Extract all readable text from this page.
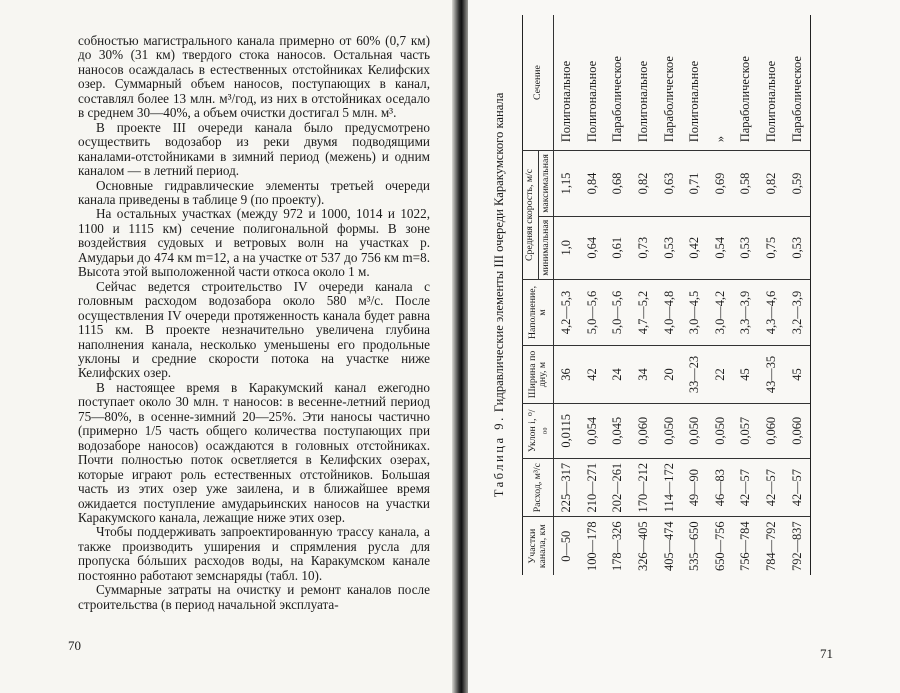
собностью магистрального канала примерно от 60% (0,7 км) до 30% (31 км) твердого стока наносов. Остальная часть наносов осаждалась в естественных отстойниках Келифских озер. Суммарный объем наносов, поступающих в канал, составлял более 13 млн. м³/год, из них в отстойниках оседало в среднем 30—40%, а объем очистки достигал 5 млн. м³.

В проекте III очереди канала было предусмотрено осуществить водозабор из реки двумя подводящими каналами-отстойниками в зимний период (межень) и одним каналом — в летний период.

Основные гидравлические элементы третьей очереди канала приведены в таблице 9 (по проекту).

На остальных участках (между 972 и 1000, 1014 и 1022, 1100 и 1115 км) сечение полигональной формы. В зоне воздействия судовых и ветровых волн на участках р. Амударьи до 474 км m=12, а на участке от 537 до 756 км m=8. Высота этой выположенной части откоса около 1 м.

Сейчас ведется строительство IV очереди канала с головным расходом водозабора около 580 м³/с. После осуществления IV очереди протяженность канала будет равна 1115 км. В проекте незначительно увеличена глубина наполнения канала, несколько уменьшены его продольные уклоны и средние скорости потока на участке ниже Келифских озер.

В настоящее время в Каракумский канал ежегодно поступает около 30 млн. т наносов: в весенне-летний период 75—80%, в осенне-зимний 20—25%. Эти наносы частично (примерно 1/5 часть общего количества поступающих при водозаборе наносов) осаждаются в головных отстойниках. Почти полностью поток осветляется в Келифских озерах, которые играют роль естественных отстойников. Большая часть из этих озер уже заилена, и в ближайшее время ожидается поступление амударьинских наносов на участки Каракумского канала, лежащие ниже этих озер.

Чтобы поддерживать запроектированную трассу канала, а также производить уширения и спрямления русла для пропуска бóльших расходов воды, на Каракумском канале постоянно работают земснаряды (табл. 10).

Суммарные затраты на очистку и ремонт каналов после строительства (в период начальной эксплуата-

70
Таблица 9. Гидравлические элементы III очереди Каракумского канала
Участки канала, км	Расход, м³/с	Уклон i, ⁰/₀₀	Ширина по дну, м	Наполнение, м	Средняя скорость, м/с		Сечение
					минимальная	максимальная	
0—50	225—317	0,0115	36	4,2—5,3	1,0	1,15	Полигональное
100—178	210—271	0,054	42	5,0—5,6	0,64	0,84	Полигональное
178—326	202—261	0,045	24	5,0—5,6	0,61	0,68	Параболическое
326—405	170—212	0,060	34	4,7—5,2	0,73	0,82	Полигональное
405—474	114—172	0,050	20	4,0—4,8	0,53	0,63	Параболическое
535—650	49—90	0,050	33—23	3,0—4,5	0,42	0,71	Полигональное
650—756	46—83	0,050	22	3,0—4,2	0,54	0,69	»
756—784	42—57	0,057	45	3,3—3,9	0,53	0,58	Параболическое
784—792	42—57	0,060	43—35	4,3—4,6	0,75	0,82	Полигональное
792—837	42—57	0,060	45	3,2—3,9	0,53	0,59	Параболическое
71
